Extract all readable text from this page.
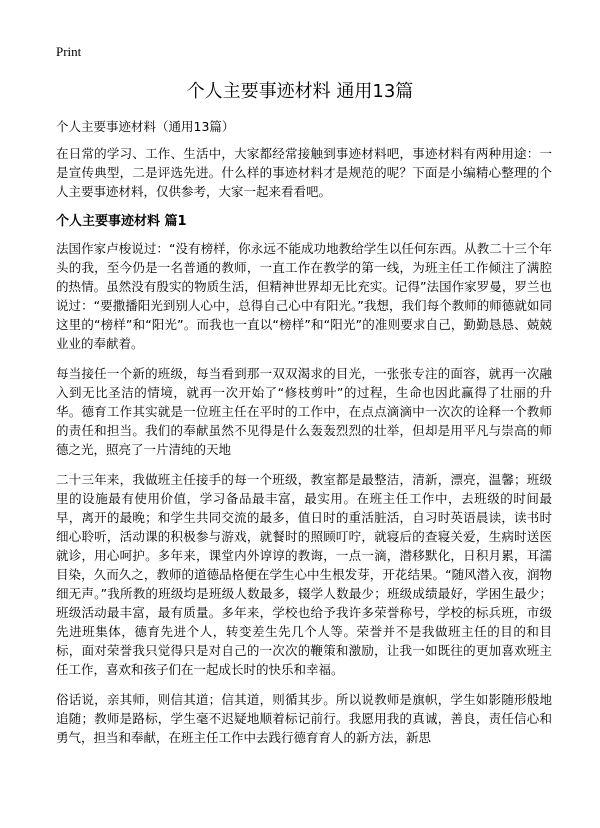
Print
个人主要事迹材料 通用13篇
个人主要事迹材料（通用13篇）

在日常的学习、工作、生活中，大家都经常接触到事迹材料吧，事迹材料有两种用途：一是宣传典型，二是评选先进。什么样的事迹材料才是规范的呢？下面是小编精心整理的个人主要事迹材料，仅供参考，大家一起来看看吧。

个人主要事迹材料 篇1

法国作家卢梭说过：“没有榜样，你永远不能成功地教给学生以任何东西。从教二十三个年头的我，至今仍是一名普通的教师，一直工作在教学的第一线，为班主任工作倾注了满腔的热情。虽然没有殷实的物质生活，但精神世界却无比充实。记得”法国作家罗曼，罗兰也说过：“要撒播阳光到别人心中，总得自己心中有阳光。”我想，我们每个教师的师德就如同这里的“榜样”和“阳光”。而我也一直以“榜样”和“阳光”的准则要求自己，勤勤恳恳、兢兢业业的奉献着。

每当接任一个新的班级，每当看到那一双双渴求的目光，一张张专注的面容，就再一次融入到无比圣洁的情境，就再一次开始了“修枝剪叶”的过程，生命也因此赢得了壮丽的升华。德育工作其实就是一位班主任在平时的工作中，在点点滴滴中一次次的诠释一个教师的责任和担当。我们的奉献虽然不见得是什么轰轰烈烈的壮举，但却是用平凡与崇高的师德之光，照亮了一片清纯的天地

二十三年来，我做班主任接手的每一个班级，教室都是最整洁，清新，漂亮，温馨；班级里的设施最有使用价值，学习备品最丰富，最实用。在班主任工作中，去班级的时间最早，离开的最晚；和学生共同交流的最多，值日时的重活脏活，自习时英语晨读，读书时细心聆听，活动课的积极参与游戏，就餐时的照顾叮咛，就寝后的查寝关爱，生病时送医就诊，用心呵护。多年来，课堂内外谆谆的教诲，一点一滴，潜移默化，日积月累，耳濡目染，久而久之，教师的道德品格便在学生心中生根发芽，开花结果。“随风潜入夜，润物细无声。”我所教的班级均是班级人数最多，辍学人数最少；班级成绩最好，学困生最少；班级活动最丰富，最有质量。多年来，学校也给予我许多荣誉称号，学校的标兵班，市级先进班集体，德育先进个人，转变差生先几个人等。荣誉并不是我做班主任的目的和目标，面对荣誉我只觉得只是对自己的一次次的鞭策和激励，让我一如既往的更加喜欢班主任工作，喜欢和孩子们在一起成长时的快乐和幸福。

俗话说，亲其师，则信其道；信其道，则循其步。所以说教师是旗帜，学生如影随形般地追随；教师是路标，学生毫不迟疑地顺着标记前行。我愿用我的真诚，善良，责任信心和勇气，担当和奉献，在班主任工作中去践行德育育人的新方法，新思
